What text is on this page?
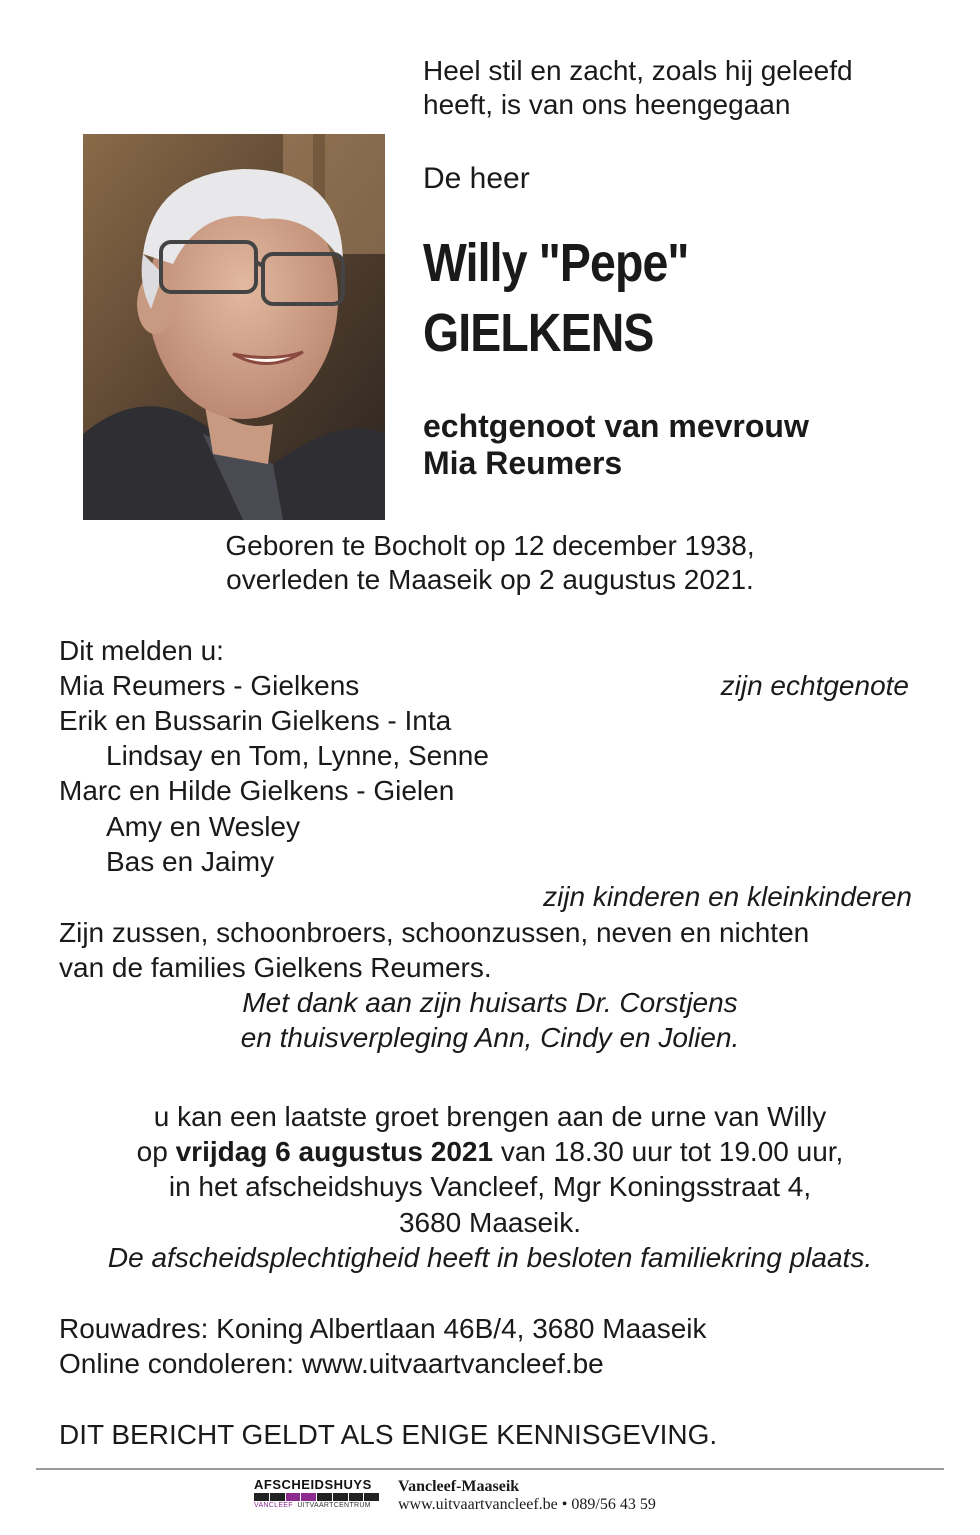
Heel stil en zacht, zoals hij geleefd
heeft, is van ons heengegaan
De heer
Willy "Pepe"
GIELKENS
echtgenoot van mevrouw
Mia Reumers
Geboren te Bocholt op 12 december 1938,
overleden te Maaseik op 2 augustus 2021.
Dit melden u:
Mia Reumers - Gielkens	zijn echtgenote
Erik en Bussarin Gielkens - Inta
Lindsay en Tom, Lynne, Senne
Marc en Hilde Gielkens - Gielen
Amy en Wesley
Bas en Jaimy
zijn kinderen en kleinkinderen
Zijn zussen, schoonbroers, schoonzussen, neven en nichten
van de families Gielkens Reumers.
Met dank aan zijn huisarts Dr. Corstjens
en thuisverpleging Ann, Cindy en Jolien.
u kan een laatste groet brengen aan de urne van Willy
op vrijdag 6 augustus 2021 van 18.30 uur tot 19.00 uur,
in het afscheidshuys Vancleef, Mgr Koningsstraat 4,
3680 Maaseik.
De afscheidsplechtigheid heeft in besloten familiekring plaats.
Rouwadres: Koning Albertlaan 46B/4, 3680 Maaseik
Online condoleren: www.uitvaartvancleef.be
DIT BERICHT GELDT ALS ENIGE KENNISGEVING.
AFSCHEIDSHUYS
VANCLEEF UITVAARTCENTRUM
Vancleef-Maaseik
www.uitvaartvancleef.be • 089/56 43 59
